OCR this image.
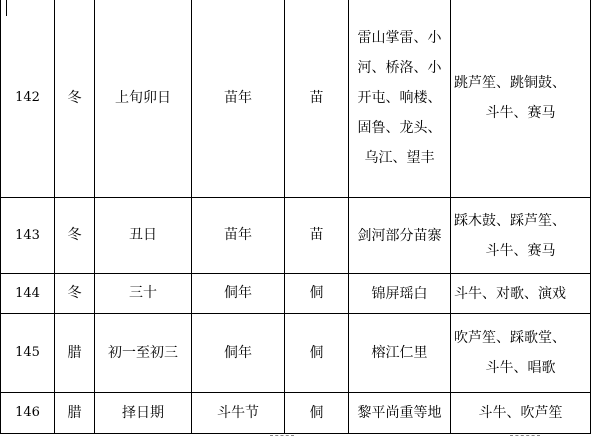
142	冬	上旬卯日	苗年	苗	雷山掌雷、小
河、桥洛、小
开屯、响楼、
固鲁、龙头、
乌江、望丰	跳芦笙、跳铜鼓、
斗牛、赛马

143	冬	丑日	苗年	苗	剑河部分苗寨	踩木鼓、踩芦笙、
斗牛、赛马

144	冬	三十	侗年	侗	锦屏瑶白	斗牛、对歌、演戏

145	腊	初一至初三	侗年	侗	榕江仁里	吹芦笙、踩歌堂、
斗牛、唱歌

146	腊	择日期	斗牛节	侗	黎平尚重等地	斗牛、吹芦笙
